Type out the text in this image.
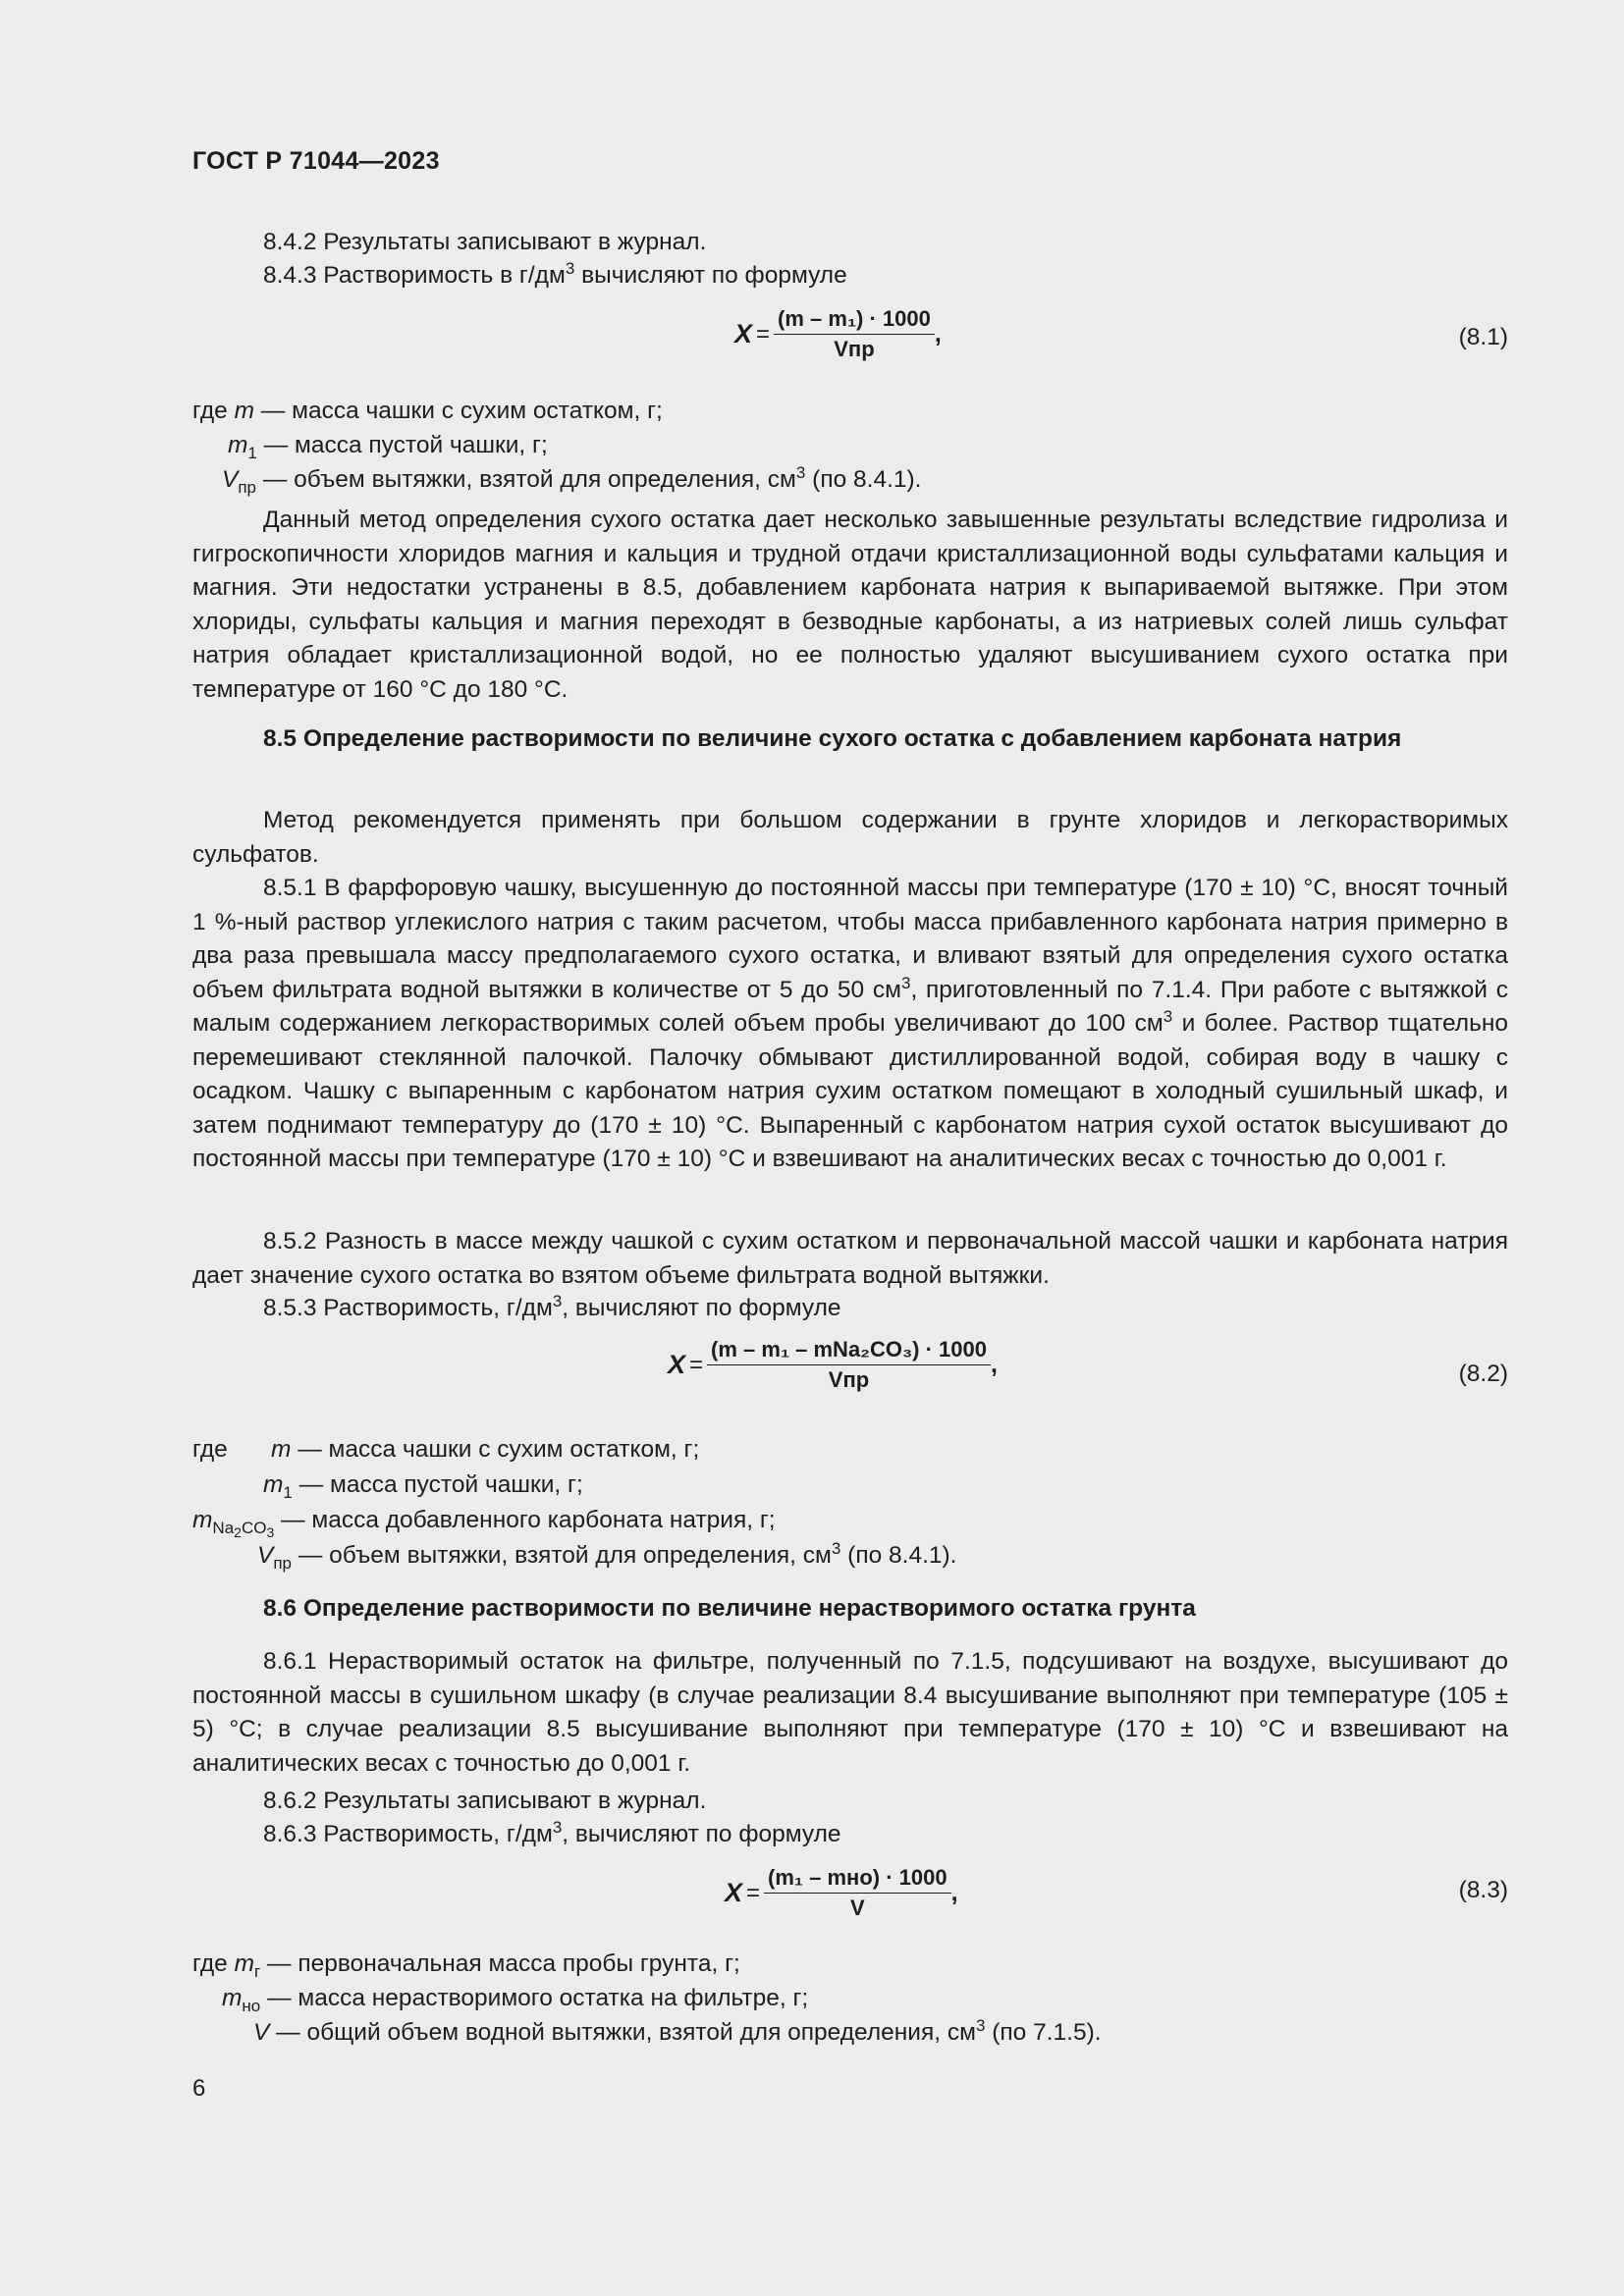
ГОСТ Р 71044—2023
8.4.2 Результаты записывают в журнал.
8.4.3 Растворимость в $г/дм^3$ вычисляют по формуле
$X = \frac{\text{(m – m₁) · 1000}}{\text{Vпр}}$ ,	(8.1)
где m — масса чашки с сухим остатком, г;
$m_1$ — масса пустой чашки, г;
$V_{пр}$ — объем вытяжки, взятой для определения, $см^3$ (по 8.4.1).

Данный метод определения сухого остатка дает несколько завышенные результаты вследствие гидролиза и гигроскопичности хлоридов магния и кальция и трудной отдачи кристаллизационной воды сульфатами кальция и магния. Эти недостатки устранены в 8.5, добавлением карбоната натрия к выпариваемой вытяжке. При этом хлориды, сульфаты кальция и магния переходят в безводные карбонаты, а из натриевых солей лишь сульфат натрия обладает кристаллизационной водой, но ее полностью удаляют высушиванием сухого остатка при температуре от 160 °С до 180 °С.

8.5 Определение растворимости по величине сухого остатка с добавлением карбоната натрия

Метод рекомендуется применять при большом содержании в грунте хлоридов и легкорастворимых сульфатов.

8.5.1 В фарфоровую чашку, высушенную до постоянной массы при температуре (170 ± 10) °С, вносят точный 1 %-ный раствор углекислого натрия с таким расчетом, чтобы масса прибавленного карбоната натрия примерно в два раза превышала массу предполагаемого сухого остатка, и вливают взятый для определения сухого остатка объем фильтрата водной вытяжки в количестве от 5 до 50 $см^3$, приготовленный по 7.1.4. При работе с вытяжкой с малым содержанием легкорастворимых солей объем пробы увеличивают до 100 $см^3$ и более. Раствор тщательно перемешивают стеклянной палочкой. Палочку обмывают дистиллированной водой, собирая воду в чашку с осадком. Чашку с выпаренным с карбонатом натрия сухим остатком помещают в холодный сушильный шкаф, и затем поднимают температуру до (170 ± 10) °С. Выпаренный с карбонатом натрия сухой остаток высушивают до постоянной массы при температуре (170 ± 10) °С и взвешивают на аналитических весах с точностью до 0,001 г.

8.5.2 Разность в массе между чашкой с сухим остатком и первоначальной массой чашки и карбоната натрия дает значение сухого остатка во взятом объеме фильтрата водной вытяжки.

8.5.3 Растворимость, $г/дм^3$, вычисляют по формуле
$X = \frac{\text{(m – m₁ – mNa₂CO₃) · 1000}}{\text{Vпр}}$ ,	(8.2)
где m — масса чашки с сухим остатком, г;
$m_1$ — масса пустой чашки, г;
$m_{Na_2CO_3}$ — масса добавленного карбоната натрия, г;
$V_{пр}$ — объем вытяжки, взятой для определения, $см^3$ (по 8.4.1).
8.6 Определение растворимости по величине нерастворимого остатка грунта

8.6.1 Нерастворимый остаток на фильтре, полученный по 7.1.5, подсушивают на воздухе, высушивают до постоянной массы в сушильном шкафу (в случае реализации 8.4 высушивание выполняют при температуре (105 ± 5) °С; в случае реализации 8.5 высушивание выполняют при температуре (170 ± 10) °С и взвешивают на аналитических весах с точностью до 0,001 г.

8.6.2 Результаты записывают в журнал.
8.6.3 Растворимость, $г/дм^3$, вычисляют по формуле
$X = \frac{\text{(m₁ – mно) · 1000}}{V}$ ,	(8.3)
где $m_г$ — первоначальная масса пробы грунта, г;
$m_{но}$ — масса нерастворимого остатка на фильтре, г;
V — общий объем водной вытяжки, взятой для определения, $см^3$ (по 7.1.5).
6
